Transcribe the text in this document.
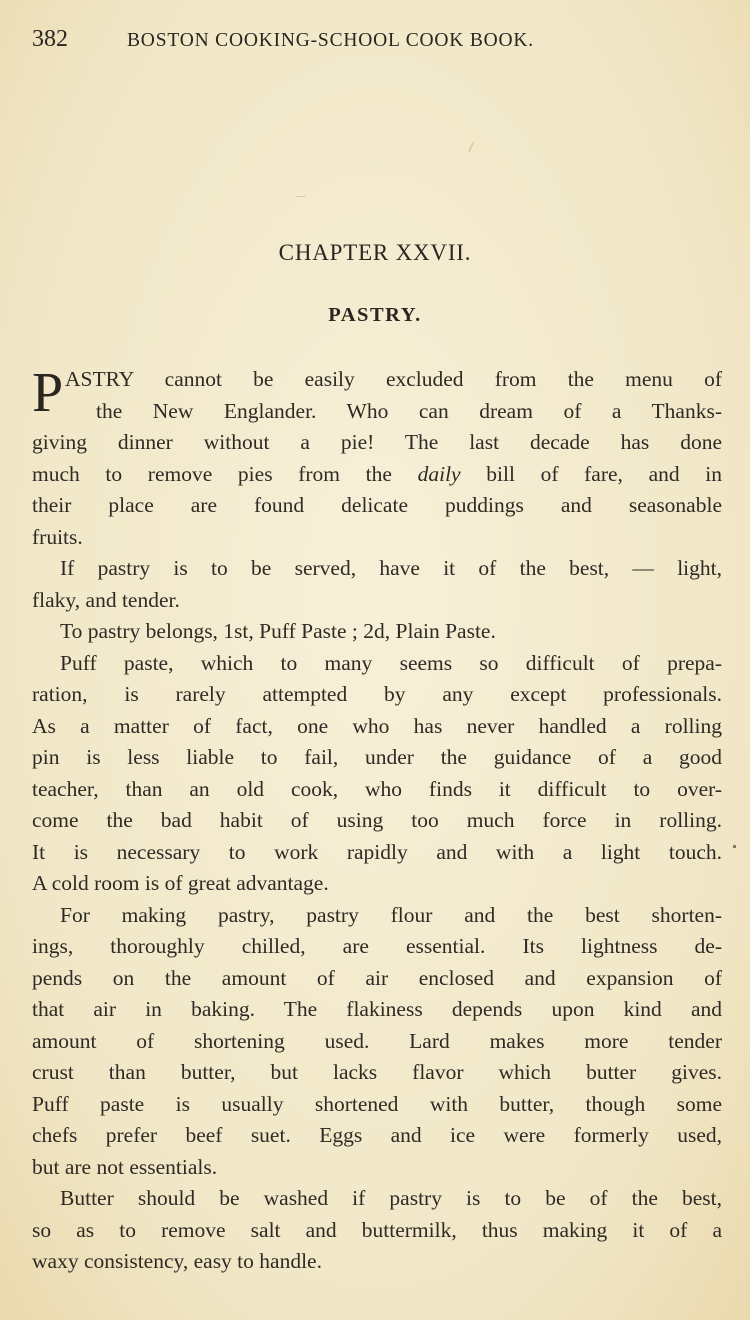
382	BOSTON COOKING-SCHOOL COOK BOOK.
CHAPTER XXVII.
PASTRY.
P ASTRY cannot be easily excluded from the menu of
the New Englander. Who can dream of a Thanks-
giving dinner without a pie! The last decade has done
much to remove pies from the daily bill of fare, and in
their place are found delicate puddings and seasonable
fruits.
If pastry is to be served, have it of the best, — light,
flaky, and tender.
To pastry belongs, 1st, Puff Paste ; 2d, Plain Paste.
Puff paste, which to many seems so difficult of prepa-
ration, is rarely attempted by any except professionals.
As a matter of fact, one who has never handled a rolling
pin is less liable to fail, under the guidance of a good
teacher, than an old cook, who finds it difficult to over-
come the bad habit of using too much force in rolling.
It is necessary to work rapidly and with a light touch.
A cold room is of great advantage.
For making pastry, pastry flour and the best shorten-
ings, thoroughly chilled, are essential. Its lightness de-
pends on the amount of air enclosed and expansion of
that air in baking. The flakiness depends upon kind and
amount of shortening used. Lard makes more tender
crust than butter, but lacks flavor which butter gives.
Puff paste is usually shortened with butter, though some
chefs prefer beef suet. Eggs and ice were formerly used,
but are not essentials.
Butter should be washed if pastry is to be of the best,
so as to remove salt and buttermilk, thus making it of a
waxy consistency, easy to handle.
